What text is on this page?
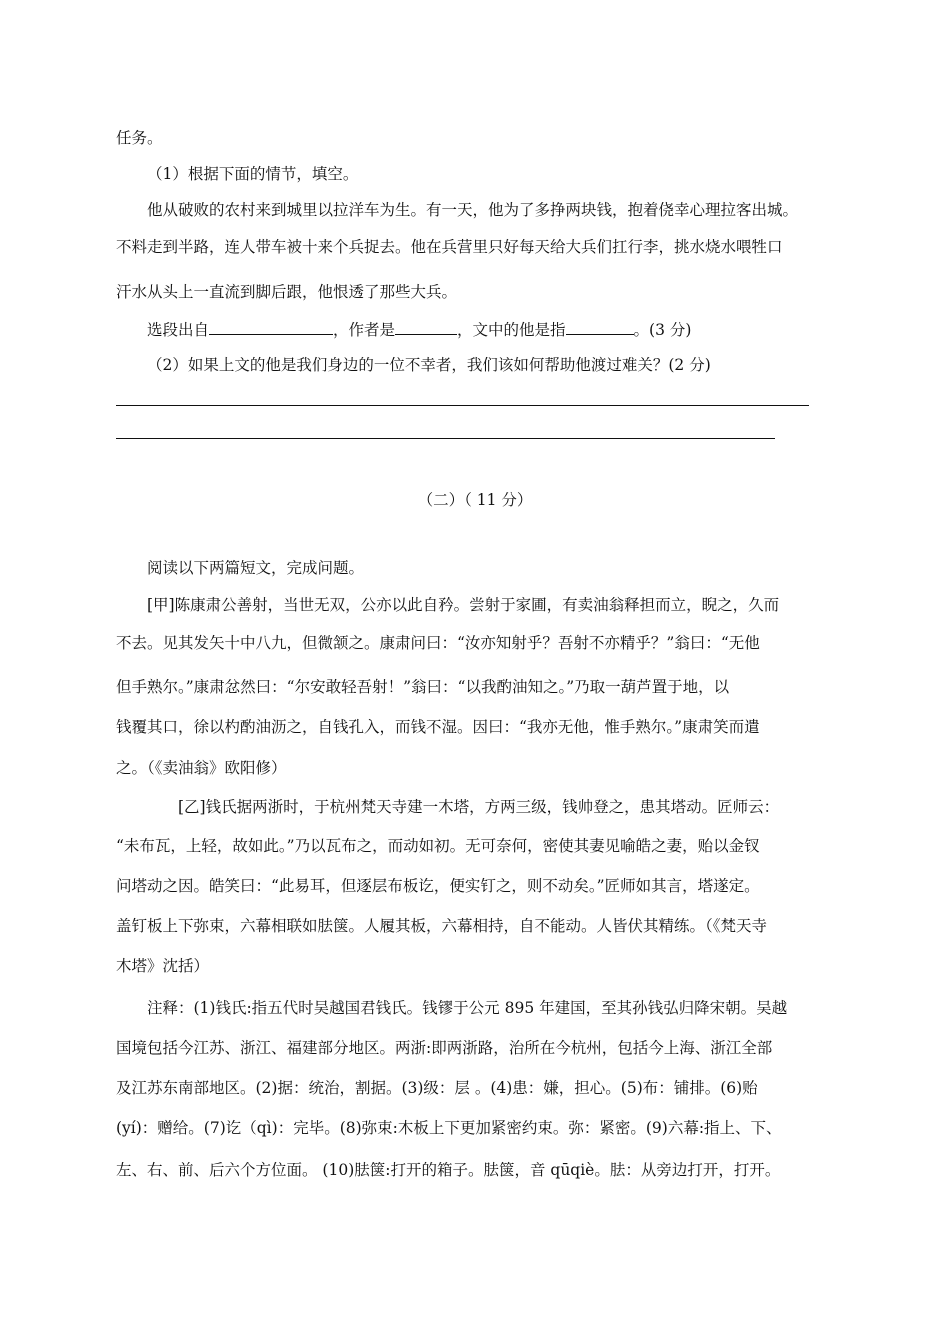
任务。
（1）根据下面的情节，填空。
他从破败的农村来到城里以拉洋车为生。有一天，他为了多挣两块钱，抱着侥幸心理拉客出城。
不料走到半路，连人带车被十来个兵捉去。他在兵营里只好每天给大兵们扛行李，挑水烧水喂牲口
汗水从头上一直流到脚后跟，他恨透了那些大兵。
选段出自	，作者是	，文中的他是指	。(3 分)
（2）如果上文的他是我们身边的一位不幸者，我们该如何帮助他渡过难关？(2 分)
（二）（ 11 分）
阅读以下两篇短文，完成问题。
[甲]陈康肃公善射，当世无双，公亦以此自矜。尝射于家圃，有卖油翁释担而立，睨之，久而
不去。见其发矢十中八九，但微颔之。康肃问曰：“汝亦知射乎？吾射不亦精乎？”翁曰：“无他
但手熟尔。”康肃忿然曰：“尔安敢轻吾射！”翁曰：“以我酌油知之。”乃取一葫芦置于地，以
钱覆其口，徐以杓酌油沥之，自钱孔入，而钱不湿。因曰：“我亦无他，惟手熟尔。”康肃笑而遣
之。（《卖油翁》欧阳修）
[乙]钱氏据两浙时，于杭州梵天寺建一木塔，方两三级，钱帅登之，患其塔动。匠师云：
“未布瓦，上轻，故如此。”乃以瓦布之，而动如初。无可奈何，密使其妻见喻皓之妻，贻以金钗
问塔动之因。皓笑曰：“此易耳，但逐层布板讫，便实钉之，则不动矣。”匠师如其言，塔遂定。
盖钉板上下弥束，六幕相联如胠箧。人履其板，六幕相持，自不能动。人皆伏其精练。（《梵天寺
木塔》沈括）
注释：(1)钱氏:指五代时吴越国君钱氏。钱镠于公元 895 年建国，至其孙钱弘归降宋朝。吴越
国境包括今江苏、浙江、福建部分地区。两浙:即两浙路，治所在今杭州，包括今上海、浙江全部
及江苏东南部地区。(2)据：统治，割据。(3)级：层 。(4)患：嫌，担心。(5)布：铺排。(6)贻
(yí)：赠给。(7)讫（qì)：完毕。(8)弥束:木板上下更加紧密约束。弥：紧密。(9)六幕:指上、下、
左、右、前、后六个方位面。 (10)胠箧:打开的箱子。胠箧，音 qūqiè。胠：从旁边打开，打开。
